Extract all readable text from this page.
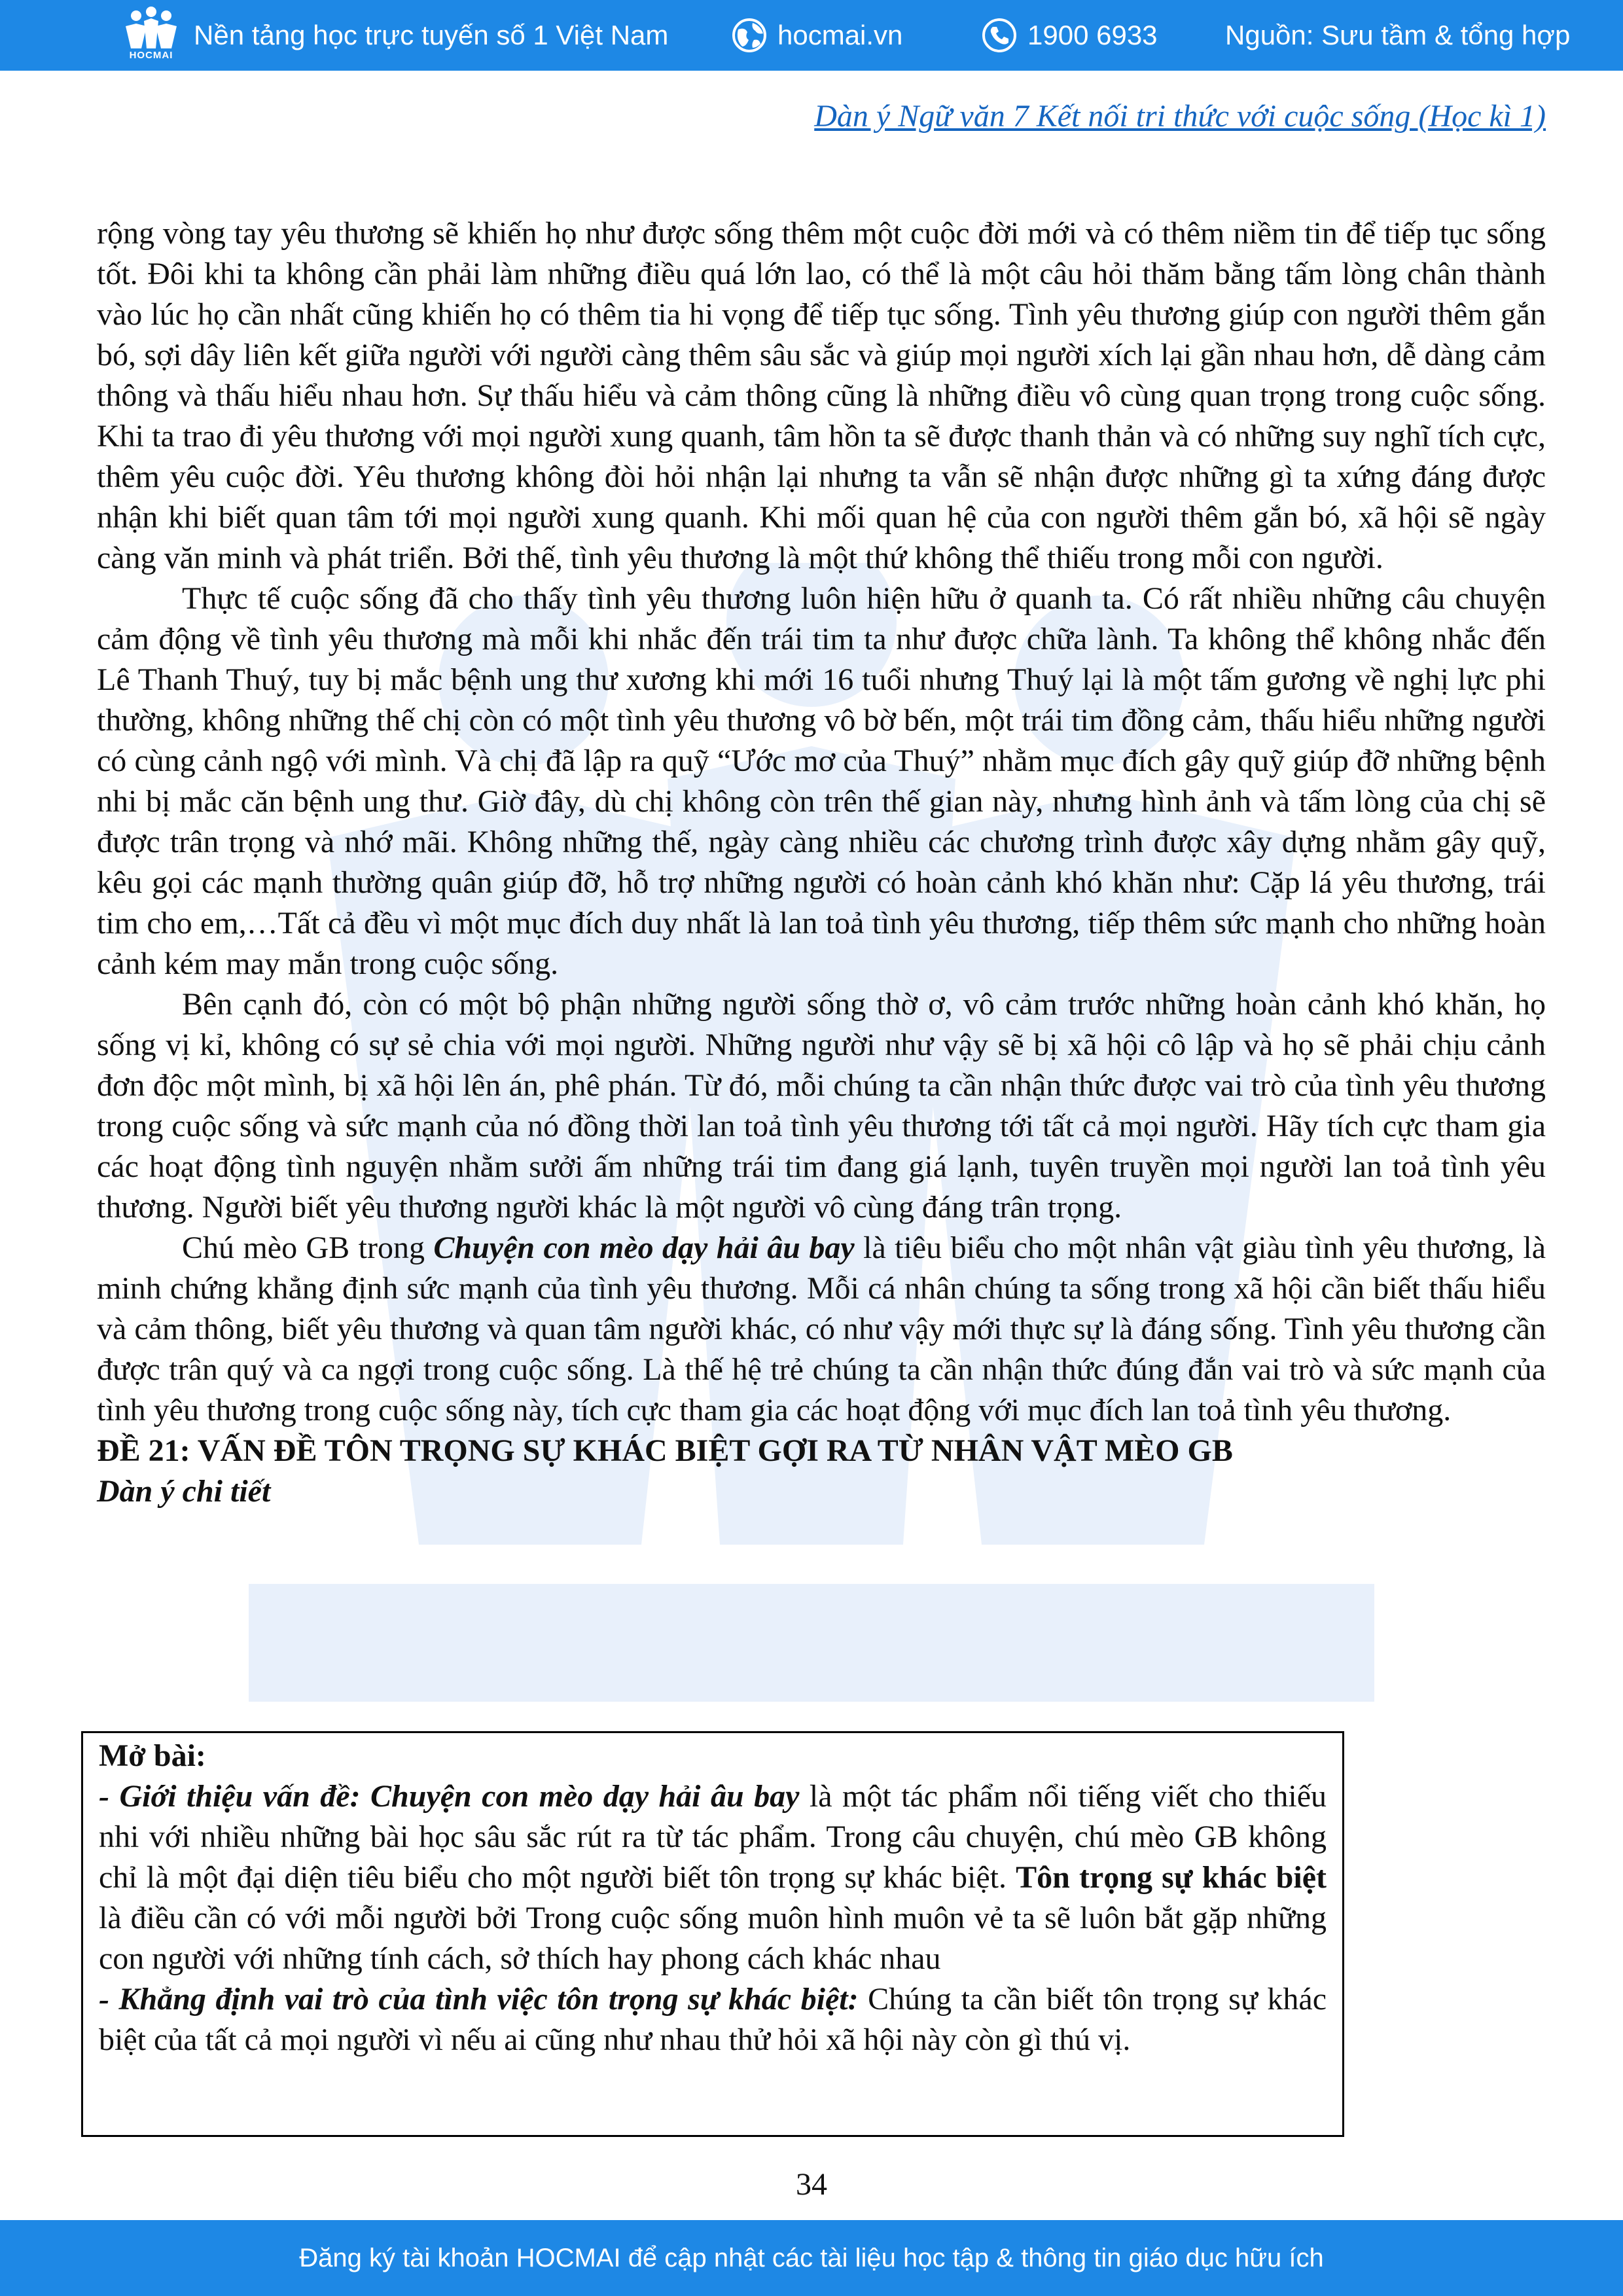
HOCMAI
Nền tảng học trực tuyến số 1 Việt Nam	hocmai.vn	1900 6933 Nguồn: Sưu tầm & tổng hợp
Dàn ý Ngữ văn 7 Kết nối tri thức với cuộc sống (Học kì 1)

rộng vòng tay yêu thương sẽ khiến họ như được sống thêm một cuộc đời mới và có thêm niềm tin để tiếp tục sống tốt. Đôi khi ta không cần phải làm những điều quá lớn lao, có thể là một câu hỏi thăm bằng tấm lòng chân thành vào lúc họ cần nhất cũng khiến họ có thêm tia hi vọng để tiếp tục sống. Tình yêu thương giúp con người thêm gắn bó, sợi dây liên kết giữa người với người càng thêm sâu sắc và giúp mọi người xích lại gần nhau hơn, dễ dàng cảm thông và thấu hiểu nhau hơn. Sự thấu hiểu và cảm thông cũng là những điều vô cùng quan trọng trong cuộc sống. Khi ta trao đi yêu thương với mọi người xung quanh, tâm hồn ta sẽ được thanh thản và có những suy nghĩ tích cực, thêm yêu cuộc đời. Yêu thương không đòi hỏi nhận lại nhưng ta vẫn sẽ nhận được những gì ta xứng đáng được nhận khi biết quan tâm tới mọi người xung quanh. Khi mối quan hệ của con người thêm gắn bó, xã hội sẽ ngày càng văn minh và phát triển. Bởi thế, tình yêu thương là một thứ không thể thiếu trong mỗi con người.

Thực tế cuộc sống đã cho thấy tình yêu thương luôn hiện hữu ở quanh ta. Có rất nhiều những câu chuyện cảm động về tình yêu thương mà mỗi khi nhắc đến trái tim ta như được chữa lành. Ta không thể không nhắc đến Lê Thanh Thuý, tuy bị mắc bệnh ung thư xương khi mới 16 tuổi nhưng Thuý lại là một tấm gương về nghị lực phi thường, không những thế chị còn có một tình yêu thương vô bờ bến, một trái tim đồng cảm, thấu hiểu những người có cùng cảnh ngộ với mình. Và chị đã lập ra quỹ “Ước mơ của Thuý” nhằm mục đích gây quỹ giúp đỡ những bệnh nhi bị mắc căn bệnh ung thư. Giờ đây, dù chị không còn trên thế gian này, nhưng hình ảnh và tấm lòng của chị sẽ được trân trọng và nhớ mãi. Không những thế, ngày càng nhiều các chương trình được xây dựng nhằm gây quỹ, kêu gọi các mạnh thường quân giúp đỡ, hỗ trợ những người có hoàn cảnh khó khăn như: Cặp lá yêu thương, trái tim cho em,…Tất cả đều vì một mục đích duy nhất là lan toả tình yêu thương, tiếp thêm sức mạnh cho những hoàn cảnh kém may mắn trong cuộc sống.

Bên cạnh đó, còn có một bộ phận những người sống thờ ơ, vô cảm trước những hoàn cảnh khó khăn, họ sống vị kỉ, không có sự sẻ chia với mọi người. Những người như vậy sẽ bị xã hội cô lập và họ sẽ phải chịu cảnh đơn độc một mình, bị xã hội lên án, phê phán. Từ đó, mỗi chúng ta cần nhận thức được vai trò của tình yêu thương trong cuộc sống và sức mạnh của nó đồng thời lan toả tình yêu thương tới tất cả mọi người. Hãy tích cực tham gia các hoạt động tình nguyện nhằm sưởi ấm những trái tim đang giá lạnh, tuyên truyền mọi người lan toả tình yêu thương. Người biết yêu thương người khác là một người vô cùng đáng trân trọng.

Chú mèo GB trong Chuyện con mèo dạy hải âu bay là tiêu biểu cho một nhân vật giàu tình yêu thương, là minh chứng khẳng định sức mạnh của tình yêu thương. Mỗi cá nhân chúng ta sống trong xã hội cần biết thấu hiểu và cảm thông, biết yêu thương và quan tâm người khác, có như vậy mới thực sự là đáng sống. Tình yêu thương cần được trân quý và ca ngợi trong cuộc sống. Là thế hệ trẻ chúng ta cần nhận thức đúng đắn vai trò và sức mạnh của tình yêu thương trong cuộc sống này, tích cực tham gia các hoạt động với mục đích lan toả tình yêu thương.

ĐỀ 21: VẤN ĐỀ TÔN TRỌNG SỰ KHÁC BIỆT GỢI RA TỪ NHÂN VẬT MÈO GB

Dàn ý chi tiết

Mở bài:

- Giới thiệu vấn đề: Chuyện con mèo dạy hải âu bay là một tác phẩm nổi tiếng viết cho thiếu nhi với nhiều những bài học sâu sắc rút ra từ tác phẩm. Trong câu chuyện, chú mèo GB không chỉ là một đại diện tiêu biểu cho một người biết tôn trọng sự khác biệt. Tôn trọng sự khác biệt là điều cần có với mỗi người bởi Trong cuộc sống muôn hình muôn vẻ ta sẽ luôn bắt gặp những con người với những tính cách, sở thích hay phong cách khác nhau

- Khẳng định vai trò của tình việc tôn trọng sự khác biệt: Chúng ta cần biết tôn trọng sự khác biệt của tất cả mọi người vì nếu ai cũng như nhau thử hỏi xã hội này còn gì thú vị.

34
Đăng ký tài khoản HOCMAI để cập nhật các tài liệu học tập & thông tin giáo dục hữu ích
